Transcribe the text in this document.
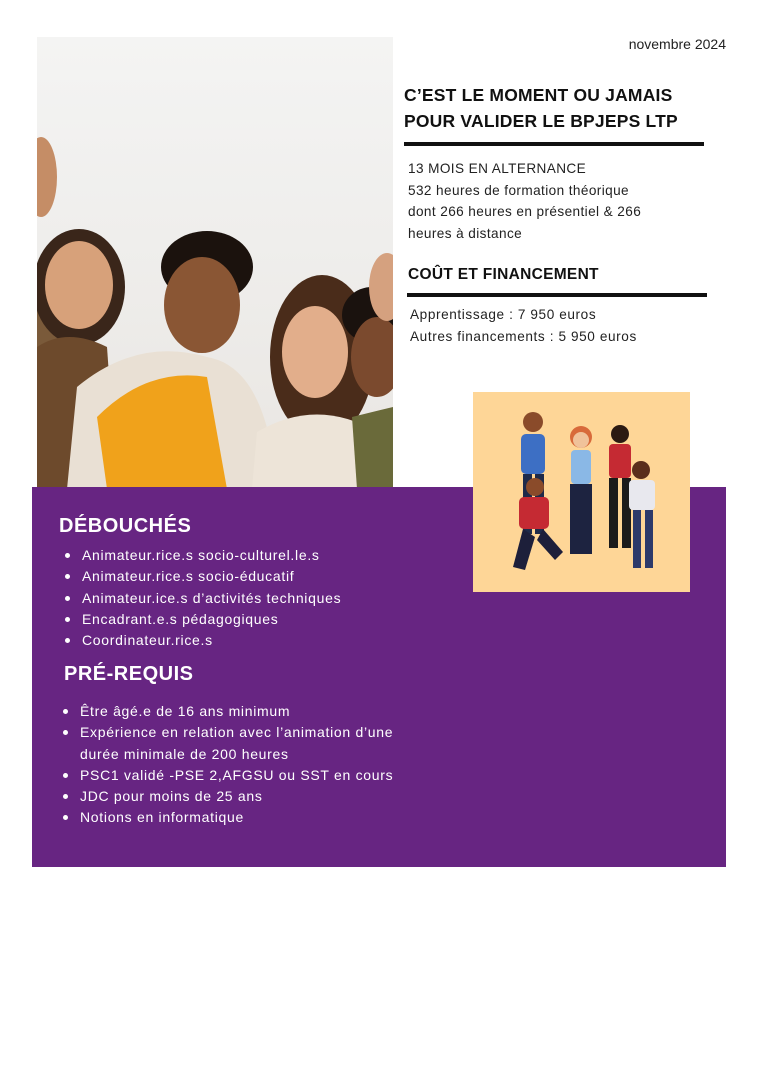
novembre 2024
C’EST LE MOMENT OU JAMAIS
POUR VALIDER LE BPJEPS LTP
13 MOIS EN ALTERNANCE
532 heures de formation théorique
dont 266 heures en présentiel & 266
heures à distance
COÛT ET FINANCEMENT
Apprentissage : 7 950 euros
Autres financements : 5 950 euros
DÉBOUCHÉS
Animateur.rice.s socio-culturel.le.s
Animateur.rice.s socio-éducatif
Animateur.ice.s d’activités techniques
Encadrant.e.s pédagogiques
Coordinateur.rice.s
PRÉ-REQUIS
Être âgé.e de 16 ans minimum
Expérience en relation avec l’animation d’une durée minimale de 200 heures
PSC1 validé -PSE 2,AFGSU ou SST en cours
JDC pour moins de 25 ans
Notions en informatique
